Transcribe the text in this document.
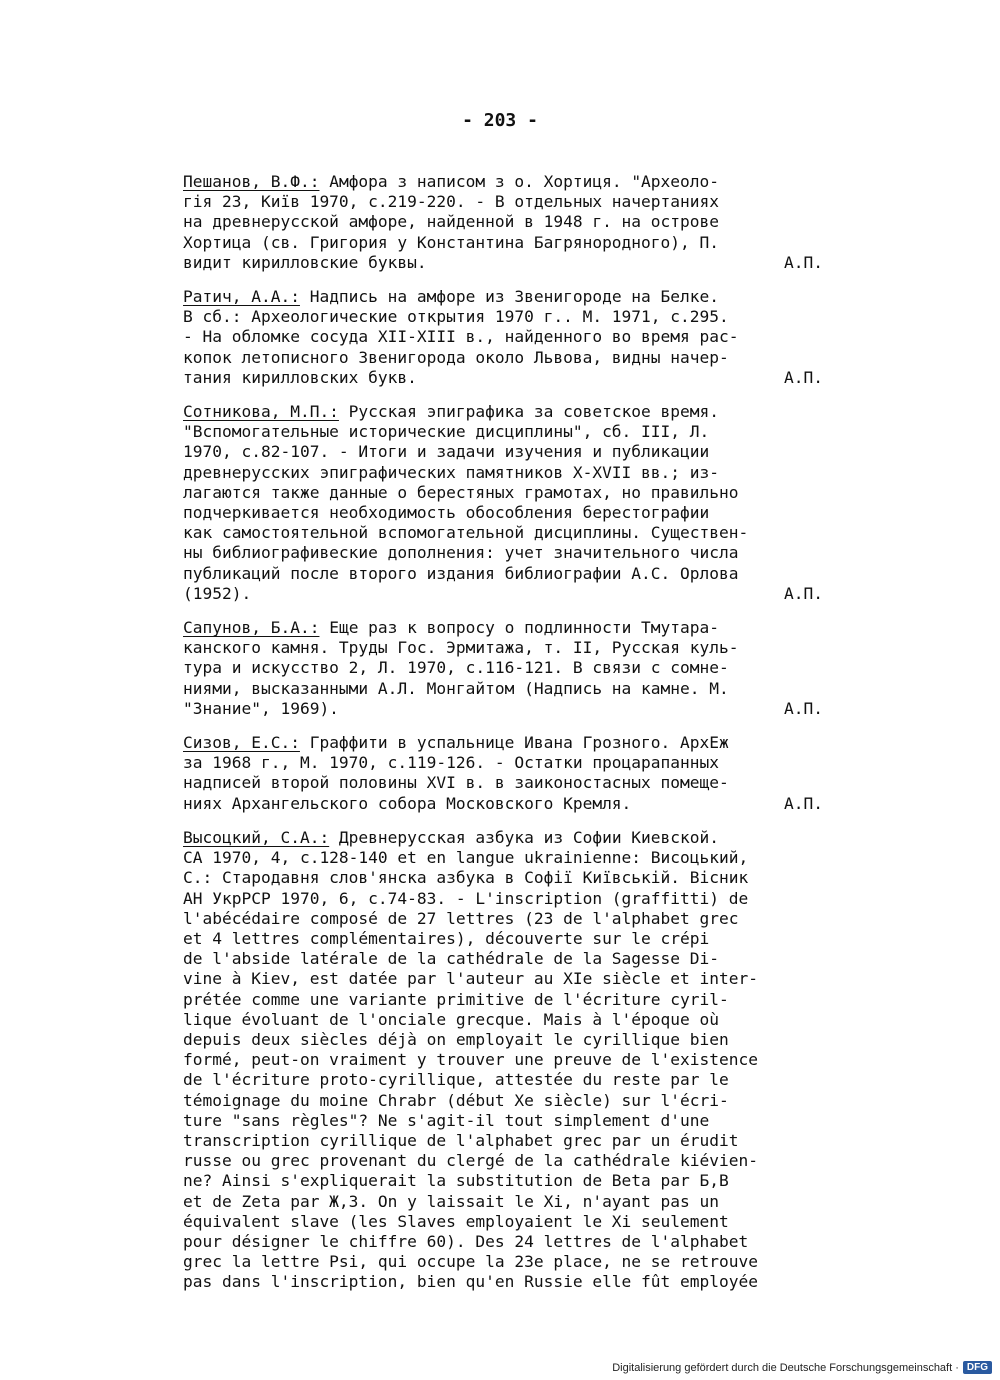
- 203 -
Пешанов, В.Ф.: Амфора з написом з о. Хортиця. "Археоло-
гія 23, Київ 1970, с.219-220. - В отдельных начертаниях
на древнерусской амфоре, найденной в 1948 г. на острове
Хортица (св. Григория у Константина Багрянородного), П.
видит кирилловские буквы.	А.П.
Ратич, А.А.: Надпись на амфоре из Звенигороде на Белке.
В сб.: Археологические открытия 1970 г.. М. 1971, с.295.
- На обломке сосуда XII-XIII в., найденного во время рас-
копок летописного Звенигорода около Львова, видны начер-
тания кирилловских букв.	А.П.
Сотникова, М.П.: Русская эпиграфика за советское время.
"Вспомогательные исторические дисциплины", сб. III, Л.
1970, с.82-107. - Итоги и задачи изучения и публикации
древнерусских эпиграфических памятников X-XVII вв.; из-
лагаются также данные о берестяных грамотах, но правильно
подчеркивается необходимость обособления берестографии
как самостоятельной вспомогательной дисциплины. Существен-
ны библиографивеские дополнения: учет значительного числа
публикаций после второго издания библиографии А.С. Орлова
(1952).	А.П.
Сапунов, Б.А.: Еще раз к вопросу о подлинности Тмутара-
канского камня. Труды Гос. Эрмитажа, т. II, Русская куль-
тура и искусство 2, Л. 1970, с.116-121. В связи с сомне-
ниями, высказанными А.Л. Монгайтом (Надпись на камне. М.
"Знание", 1969).	А.П.
Сизов, Е.С.: Граффити в успальнице Ивана Грозного. АрхЕж
за 1968 г., М. 1970, с.119-126. - Остатки процарапанных
надписей второй половины XVI в. в заиконостасных помеще-
ниях Архангельского собора Московского Кремля.	А.П.
Высоцкий, С.А.: Древнерусская азбука из Софии Киевской.
СА 1970, 4, с.128-140 et en langue ukrainienne: Висоцький,
С.: Стародавня слов'янска азбука в Софії Київській. Вісник
АН УкрРСР 1970, 6, с.74-83. - L'inscription (graffitti) de
l'abécédaire composé de 27 lettres (23 de l'alphabet grec
et 4 lettres complémentaires), découverte sur le crépi
de l'abside latérale de la cathédrale de la Sagesse Di-
vine à Kiev, est datée par l'auteur au XIe siècle et inter-
prétée comme une variante primitive de l'écriture cyril-
lique évoluant de l'onciale grecque. Mais à l'époque où
depuis deux siècles déjà on employait le cyrillique bien
formé, peut-on vraiment y trouver une preuve de l'existence
de l'écriture proto-cyrillique, attestée du reste par le
témoignage du moine Chrabr (début Xe siècle) sur l'écri-
ture "sans règles"? Ne s'agit-il tout simplement d'une
transcription cyrillique de l'alphabet grec par un érudit
russe ou grec provenant du clergé de la cathédrale kiévien-
ne? Ainsi s'expliquerait la substitution de Beta par Б,В
et de Zeta par Ж,З. On y laissait le Xi, n'ayant pas un
équivalent slave (les Slaves employaient le Xi seulement
pour désigner le chiffre 60). Des 24 lettres de l'alphabet
grec la lettre Psi, qui occupe la 23e place, ne se retrouve
pas dans l'inscription, bien qu'en Russie elle fût employée
Digitalisierung gefördert durch die Deutsche Forschungsgemeinschaft · DFG
